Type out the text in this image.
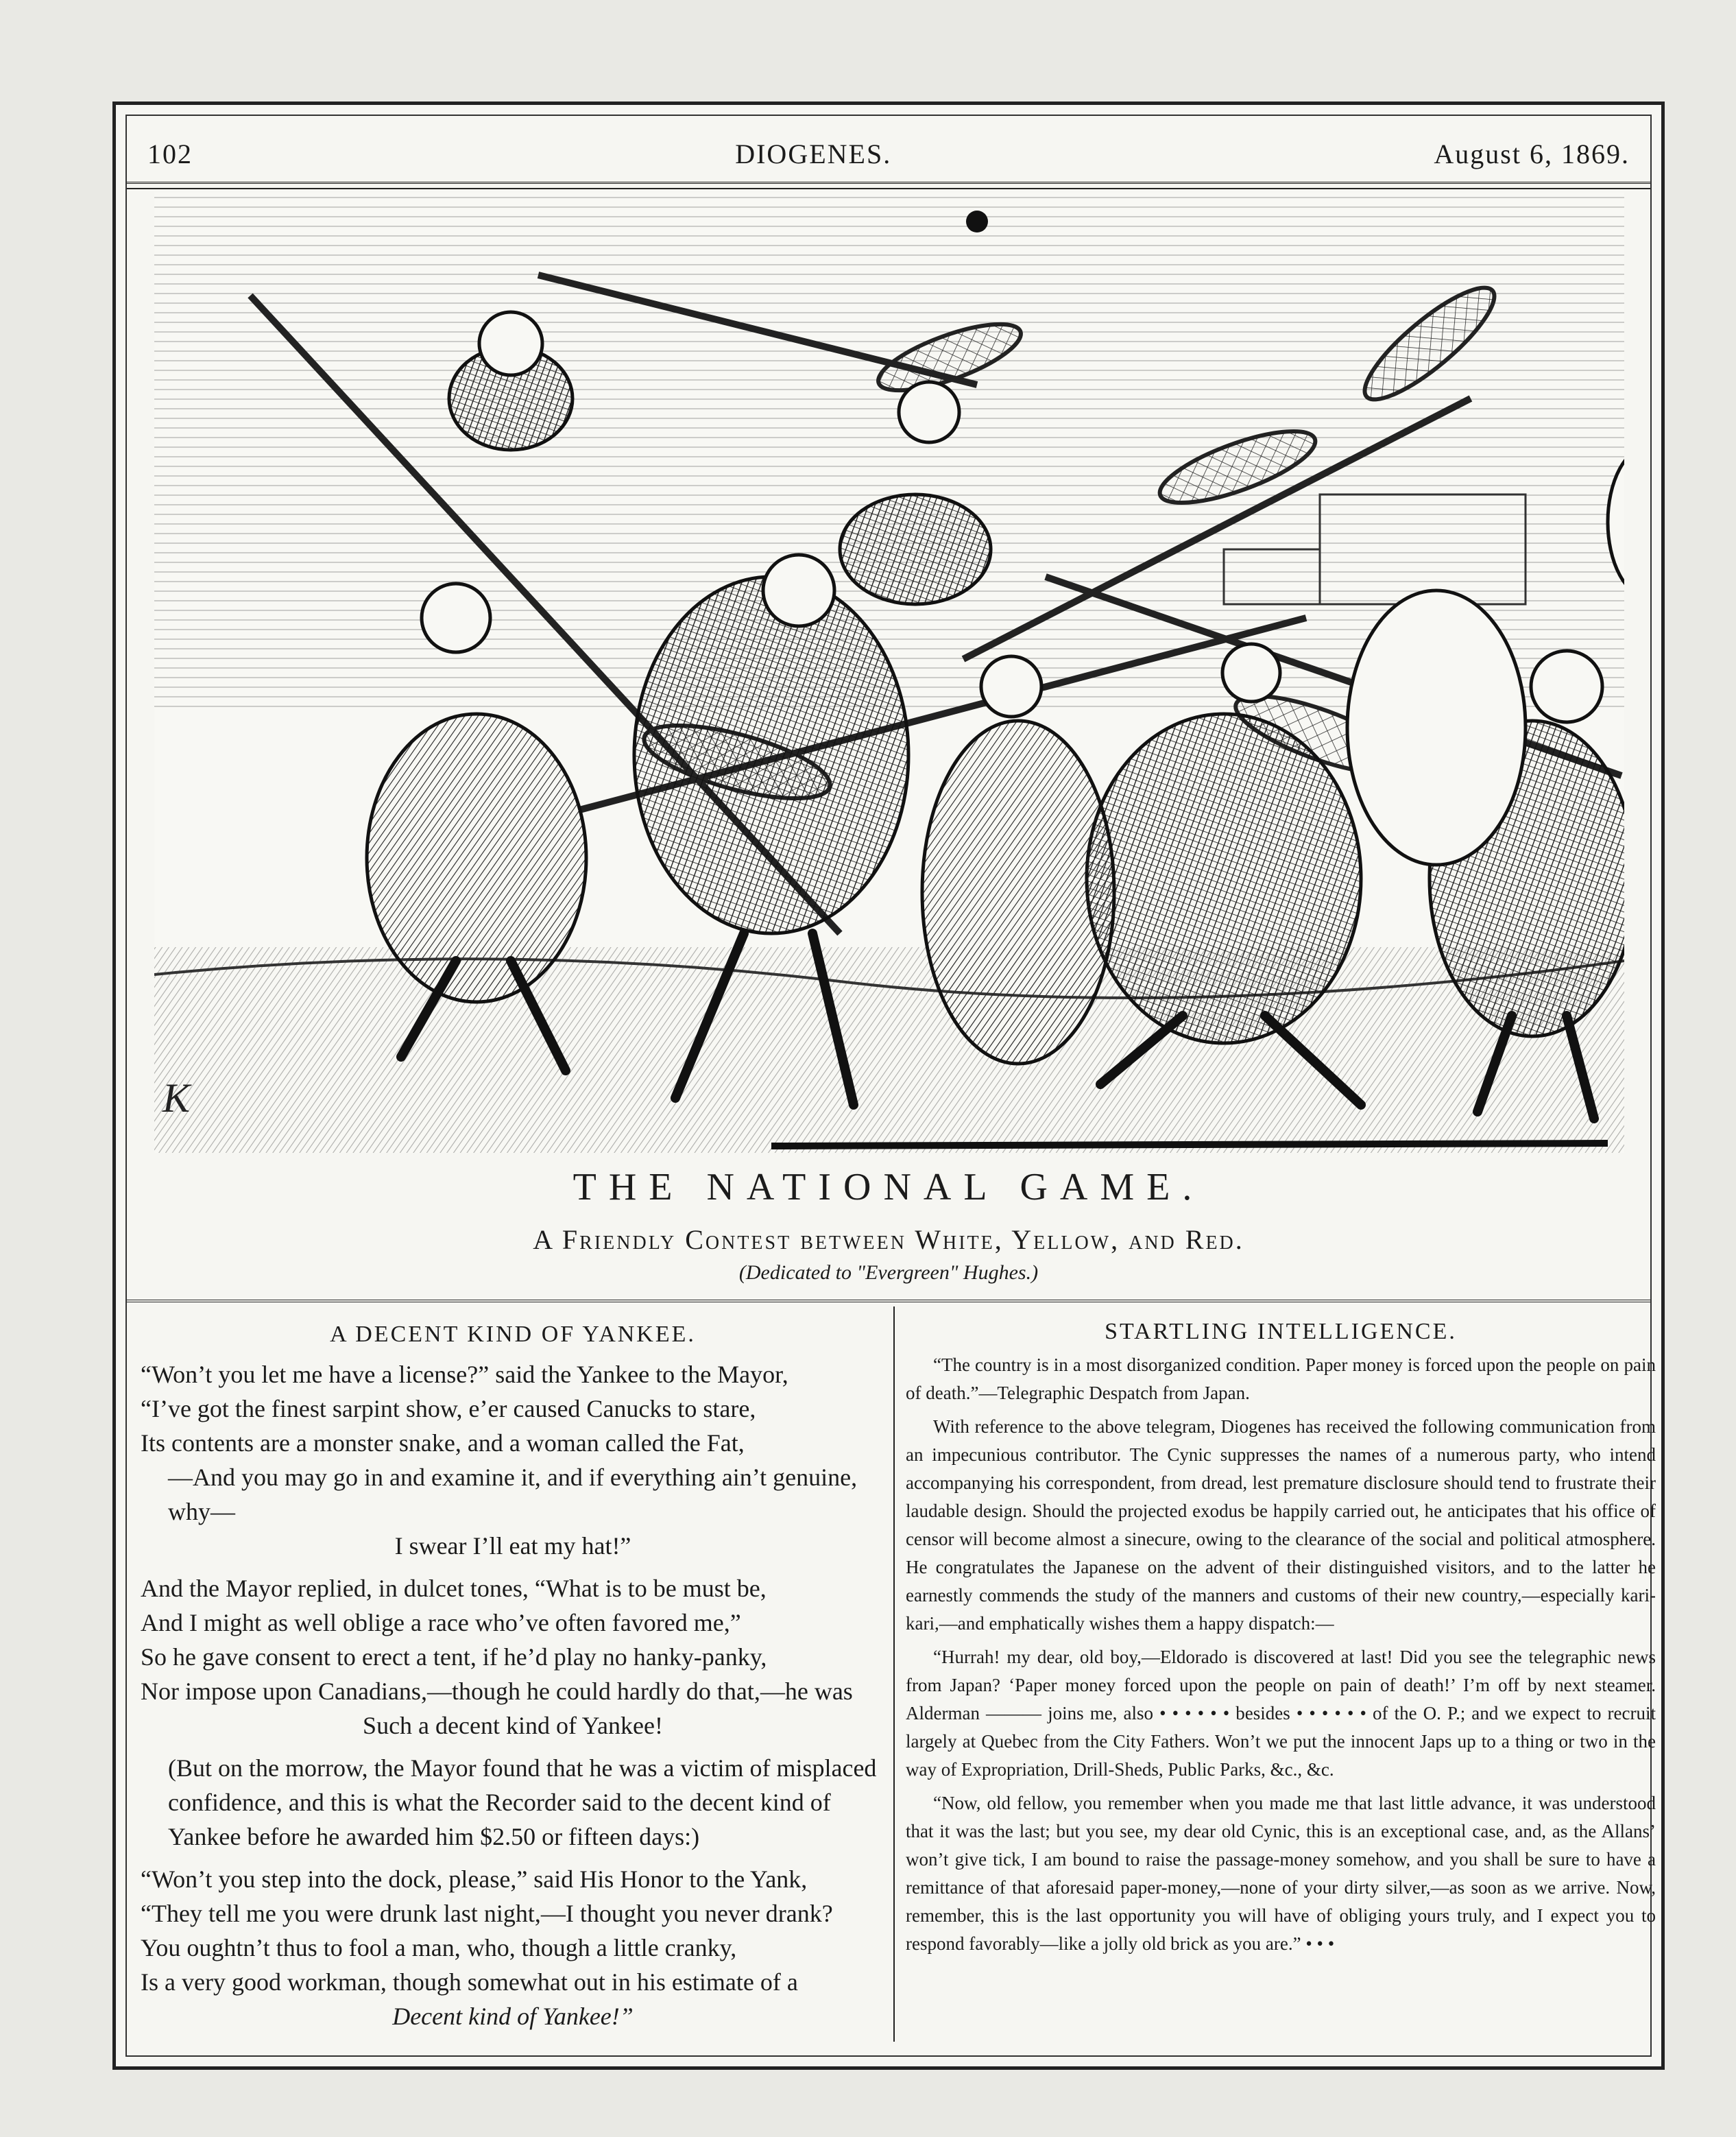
102	DIOGENES.	August 6, 1869.
K
THE NATIONAL GAME.
A Friendly Contest between White, Yellow, and Red.
(Dedicated to "Evergreen" Hughes.)
A DECENT KIND OF YANKEE.

“Won’t you let me have a license?” said the Yankee to the Mayor,

“I’ve got the finest sarpint show, e’er caused Canucks to stare,

Its contents are a monster snake, and a woman called the Fat,

—And you may go in and examine it, and if everything ain’t genuine, why—

I swear I’ll eat my hat!”

And the Mayor replied, in dulcet tones, “What is to be must be,

And I might as well oblige a race who’ve often favored me,”

So he gave consent to erect a tent, if he’d play no hanky-panky,

Nor impose upon Canadians,—though he could hardly do that,—he was

Such a decent kind of Yankee!

(But on the morrow, the Mayor found that he was a victim of misplaced confidence, and this is what the Recorder said to the decent kind of Yankee before he awarded him $2.50 or fifteen days:)

“Won’t you step into the dock, please,” said His Honor to the Yank,

“They tell me you were drunk last night,—I thought you never drank?

You oughtn’t thus to fool a man, who, though a little cranky,

Is a very good workman, though somewhat out in his estimate of a

Decent kind of Yankee!”

STARTLING INTELLIGENCE.

“The country is in a most disorganized condition. Paper money is forced upon the people on pain of death.”—Telegraphic Despatch from Japan.

With reference to the above telegram, Diogenes has received the following communication from an impecunious contributor. The Cynic suppresses the names of a numerous party, who intend accompanying his correspondent, from dread, lest premature disclosure should tend to frustrate their laudable design. Should the projected exodus be happily carried out, he anticipates that his office of censor will become almost a sinecure, owing to the clearance of the social and political atmosphere. He congratulates the Japanese on the advent of their distinguished visitors, and to the latter he earnestly commends the study of the manners and customs of their new country,—especially kari-kari,—and emphatically wishes them a happy dispatch:—

“Hurrah! my dear, old boy,—Eldorado is discovered at last! Did you see the telegraphic news from Japan? ‘Paper money forced upon the people on pain of death!’ I’m off by next steamer. Alderman ——— joins me, also • • • • • • besides • • • • • • of the O. P.; and we expect to recruit largely at Quebec from the City Fathers. Won’t we put the innocent Japs up to a thing or two in the way of Expropriation, Drill-Sheds, Public Parks, &c., &c.

“Now, old fellow, you remember when you made me that last little advance, it was understood that it was the last; but you see, my dear old Cynic, this is an exceptional case, and, as the Allans’ won’t give tick, I am bound to raise the passage-money somehow, and you shall be sure to have a remittance of that aforesaid paper-money,—none of your dirty silver,—as soon as we arrive. Now, remember, this is the last opportunity you will have of obliging yours truly, and I expect you to respond favorably—like a jolly old brick as you are.” • • •
